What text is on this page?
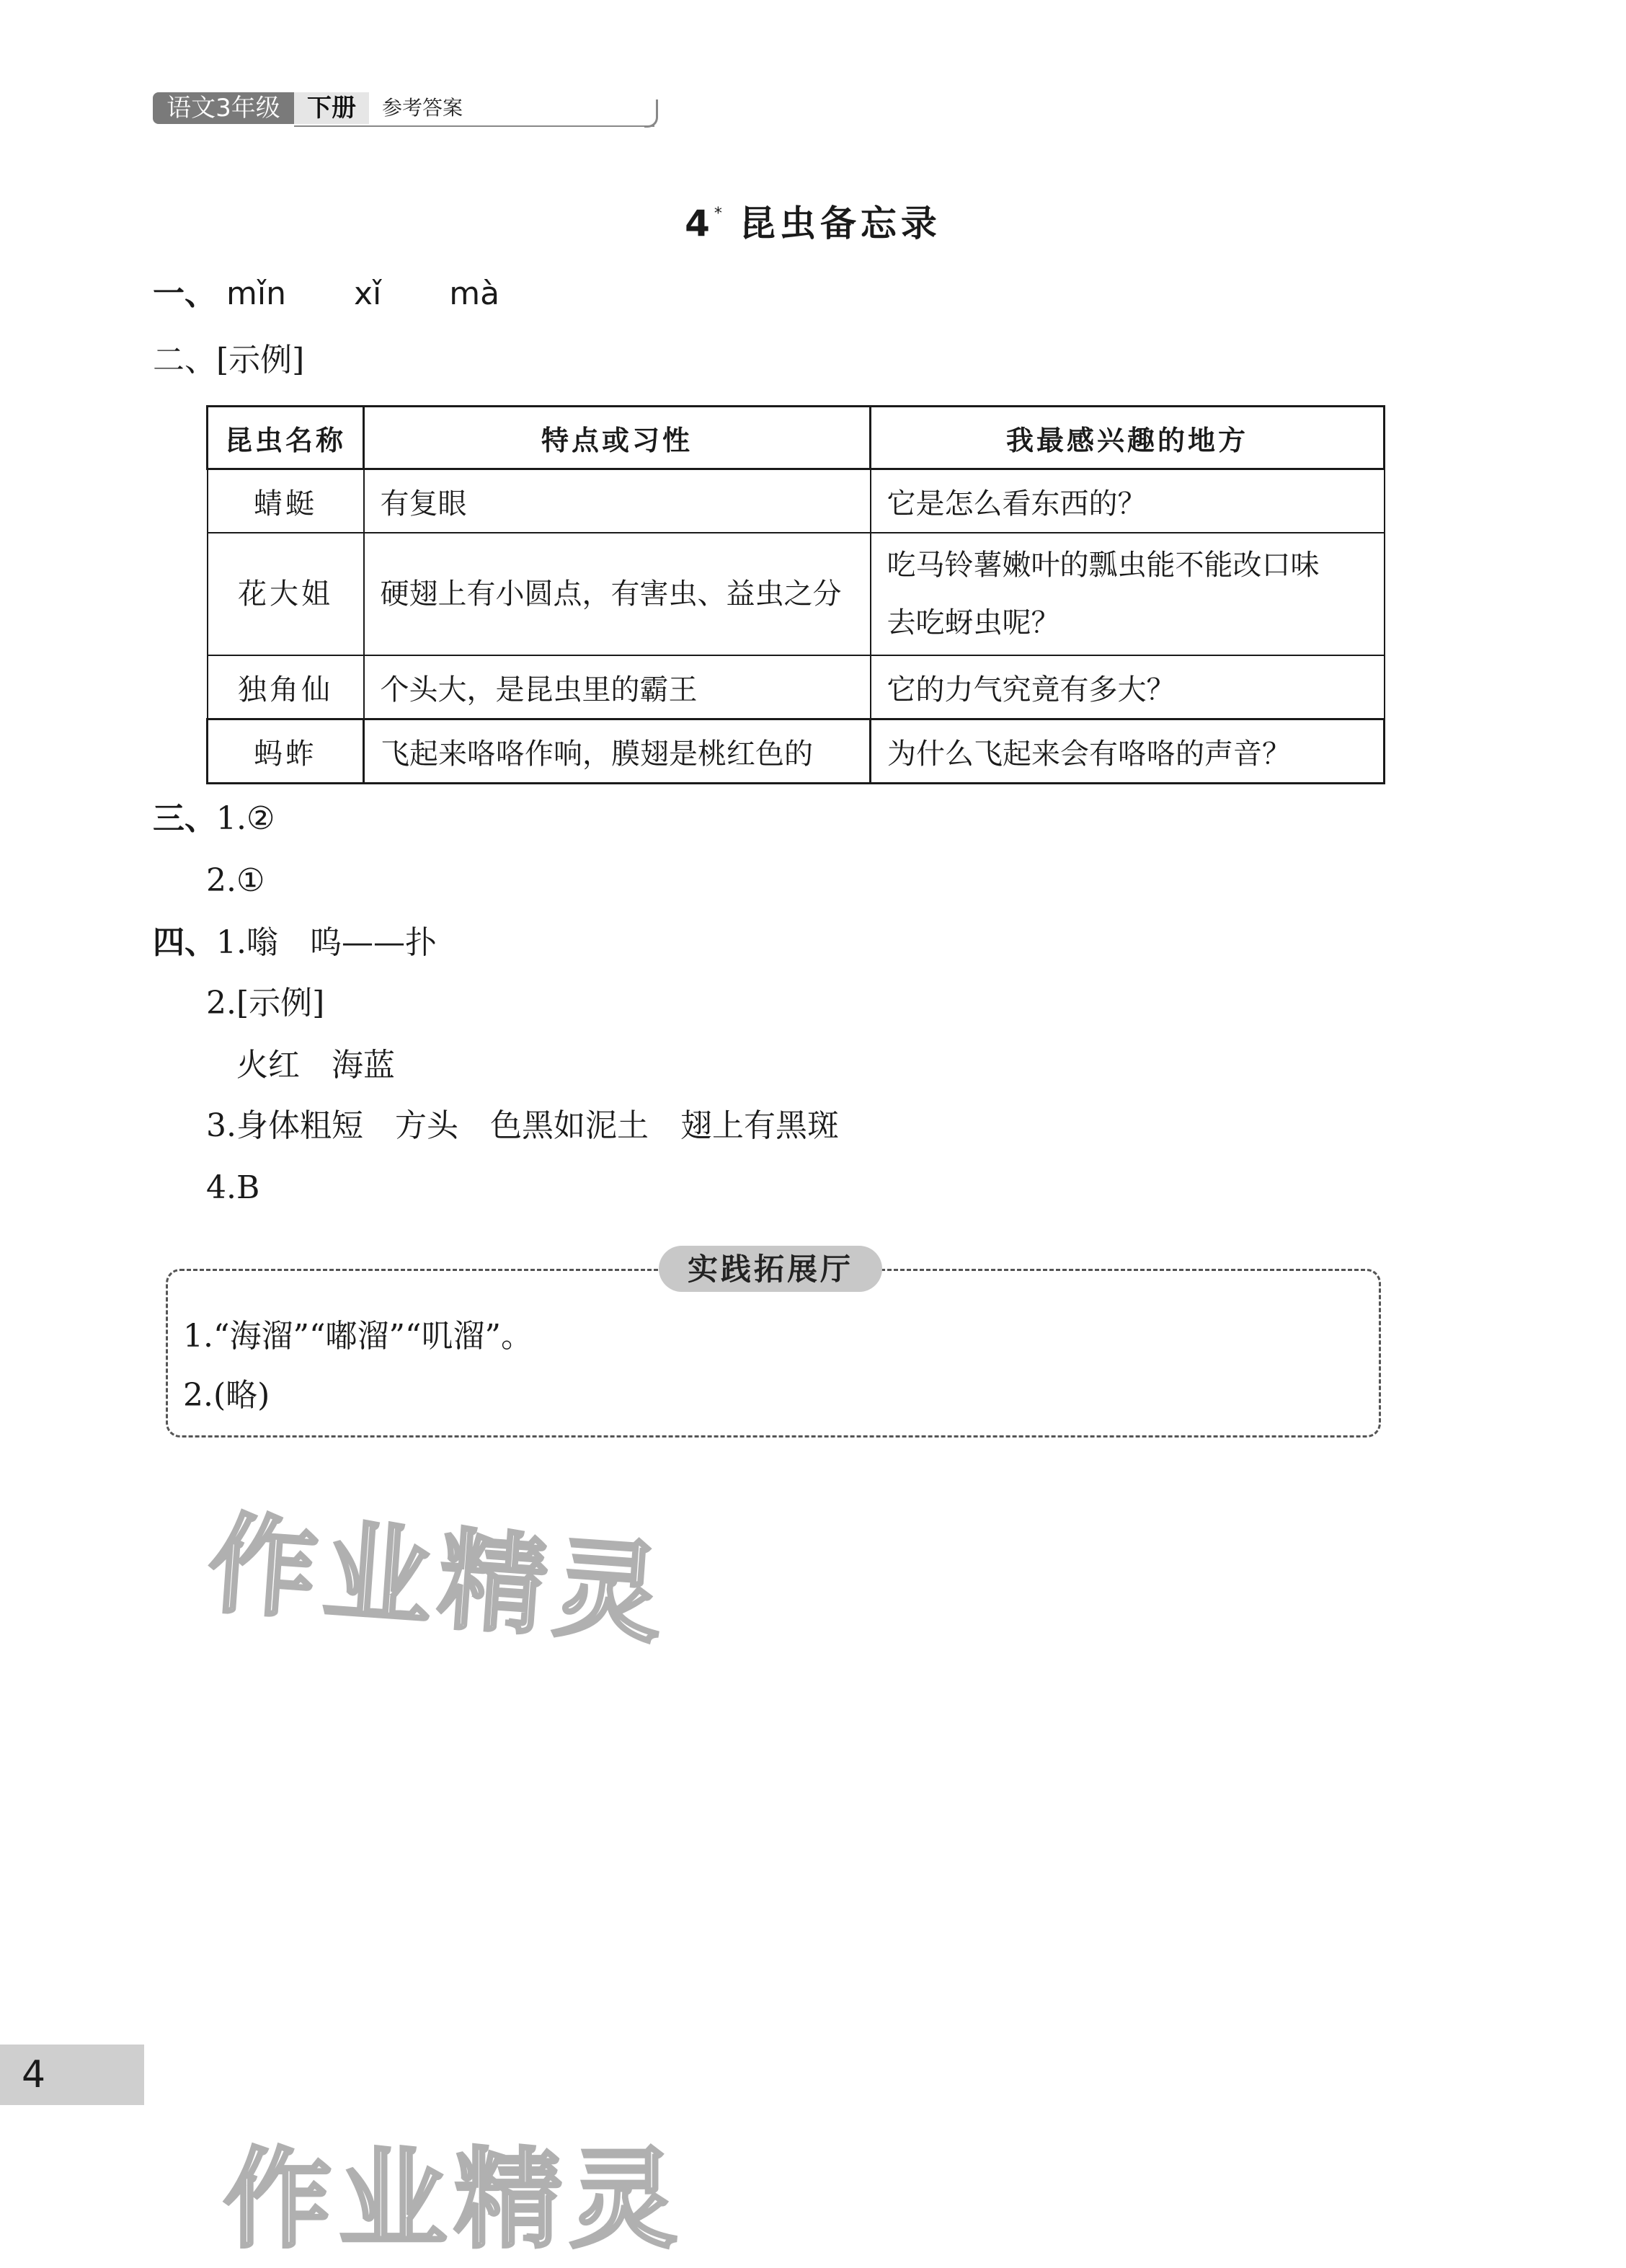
语文3年级	下册	参考答案
4* 昆虫备忘录
一、 mǐn xǐ mà
二、[示例]
昆虫名称	特点或习性	我最感兴趣的地方
蜻蜓	有复眼	它是怎么看东西的？
花大姐	硬翅上有小圆点，有害虫、益虫之分	吃马铃薯嫩叶的瓢虫能不能改口味
去吃蚜虫呢？

独角仙	个头大，是昆虫里的霸王	它的力气究竟有多大？
蚂蚱	飞起来咯咯作响，膜翅是桃红色的	为什么飞起来会有咯咯的声音？
三、1.②
2.①
四、1.嗡　呜——扑
2.[示例]
火红　海蓝
3.身体粗短　方头　色黑如泥土　翅上有黑斑
4.B
实践拓展厅
1.“海溜”“嘟溜”“叽溜”。
2.(略)
作业精灵
作业精灵
4
